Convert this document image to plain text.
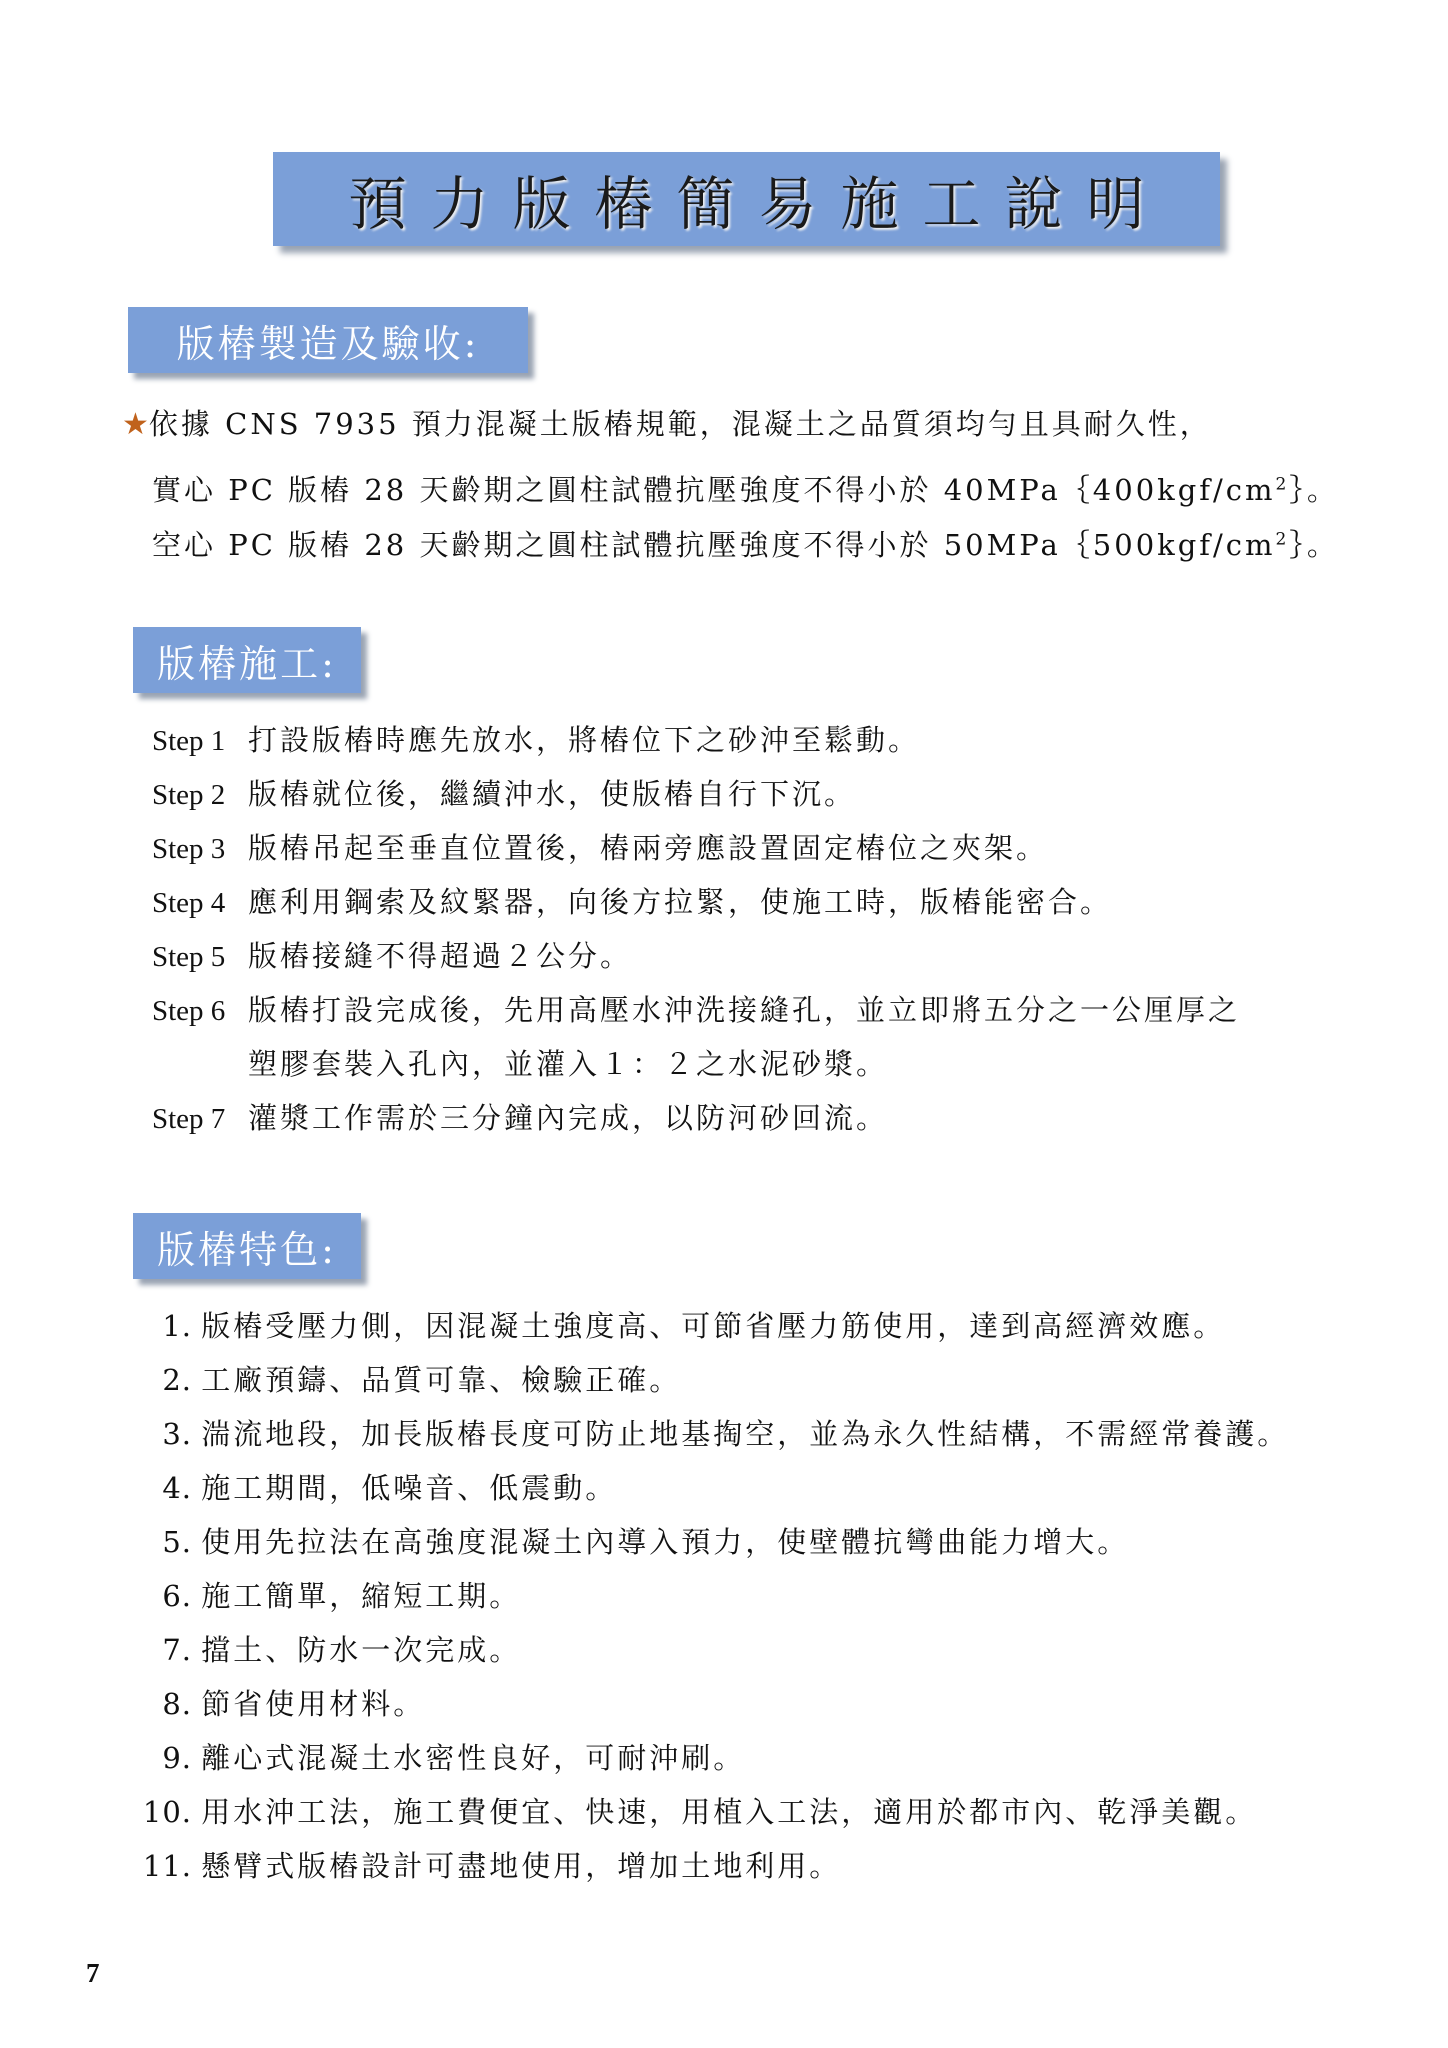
預力版樁簡易施工說明
版樁製造及驗收:
★依據 CNS 7935 預力混凝土版樁規範，混凝土之品質須均勻且具耐久性，
實心 PC 版樁 28 天齡期之圓柱試體抗壓強度不得小於 $40MPa\{400kgf/cm^2\}$。
空心 PC 版樁 28 天齡期之圓柱試體抗壓強度不得小於 $50MPa\{500kgf/cm^2\}$。
版樁施工:
Step 1 打設版樁時應先放水，將樁位下之砂沖至鬆動。
Step 2 版樁就位後，繼續沖水，使版樁自行下沉。
Step 3 版樁吊起至垂直位置後，樁兩旁應設置固定樁位之夾架。
Step 4 應利用鋼索及紋緊器，向後方拉緊，使施工時，版樁能密合。
Step 5 版樁接縫不得超過２公分。
Step 6 版樁打設完成後，先用高壓水沖洗接縫孔，並立即將五分之一公厘厚之
塑膠套裝入孔內，並灌入１：２之水泥砂漿。
Step 7 灌漿工作需於三分鐘內完成，以防河砂回流。
版樁特色:
1. 版樁受壓力側，因混凝土強度高、可節省壓力筋使用，達到高經濟效應。
2. 工廠預鑄、品質可靠、檢驗正確。
3. 湍流地段，加長版樁長度可防止地基掏空，並為永久性結構，不需經常養護。
4. 施工期間，低噪音、低震動。
5. 使用先拉法在高強度混凝土內導入預力，使壁體抗彎曲能力增大。
6. 施工簡單，縮短工期。
7. 擋土、防水一次完成。
8. 節省使用材料。
9. 離心式混凝土水密性良好，可耐沖刷。
10. 用水沖工法，施工費便宜、快速，用植入工法，適用於都市內、乾淨美觀。
11. 懸臂式版樁設計可盡地使用，增加土地利用。
7
